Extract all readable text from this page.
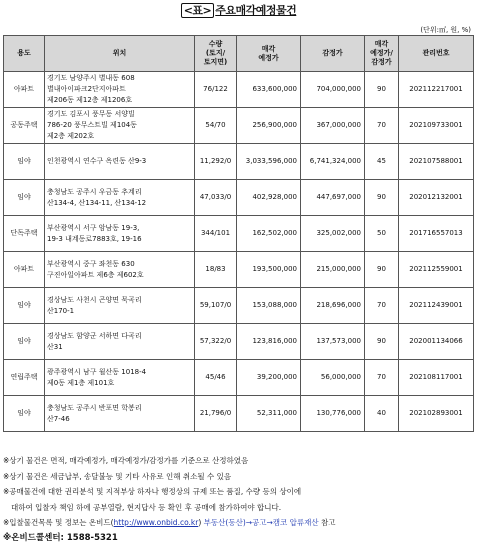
<표> 주요매각예정물건
(단위:㎡, 원, %)
용도	위치	수량
(토지/
토지면)	매각
예정가	감정가	매각
예정가/
감정가	관리번호
아파트	경기도 남양주시 별내동 608
별내아이파크2단지아파트
제206동 제12층 제1206호	76/122	633,600,000	704,000,000	90	202112217001
공동주택	경기도 김포시 풍무동 서양빌
786-20 풍무스트빌 제104동
제2층 제202호	54/70	256,900,000	367,000,000	70	202109733001
임야	인천광역시 연수구 옥련동 산9-3	11,292/0	3,033,596,000	6,741,324,000	45	202107588001
임야	충청남도 공주시 우금동 추계리
산134-4, 산134-11, 산134-12	47,033/0	402,928,000	447,697,000	90	202012132001
단독주택	부산광역시 서구 암남동 19-3,
19-3 내계동로7883호, 19-16	344/101	162,502,000	325,002,000	50	201716557013
아파트	부산광역시 중구 좌천동 630
구진아일아파트 제6층 제602호	18/83	193,500,000	215,000,000	90	202112559001
임야	경상남도 사천시 곤양면 묵곡리
산170-1	59,107/0	153,088,000	218,696,000	70	202112439001
임야	경상남도 함양군 서하면 다곡리
산31	57,322/0	123,816,000	137,573,000	90	202001134066
연립주택	광주광역시 남구 월산동 1018-4
제0동 제1층 제101호	45/46	39,200,000	56,000,000	70	202108117001
임야	충청남도 공주시 반포면 학봉리
산7-46	21,796/0	52,311,000	130,776,000	40	202102893001
※상기 물건은 면적, 매각예정가, 매각예정가/감정가를 기준으로 산정하였음
※상기 물건은 세금납부, 송달불능 및 기타 사유로 인해 취소될 수 있음
※공매물건에 대한 권리분석 및 지적부상 하자나 행정상의 규제 또는 품질, 수량 등의 상이에
대하여 입찰자 책임 하에 공부열람, 현지답사 등 확인 후 공매에 참가하여야 합니다.
※입찰물건목록 및 정보는 온비드(http://www.onbid.co.kr) 부동산(동산)→공고→캠코 압류재산 참고
※온비드콜센터: 1588-5321
